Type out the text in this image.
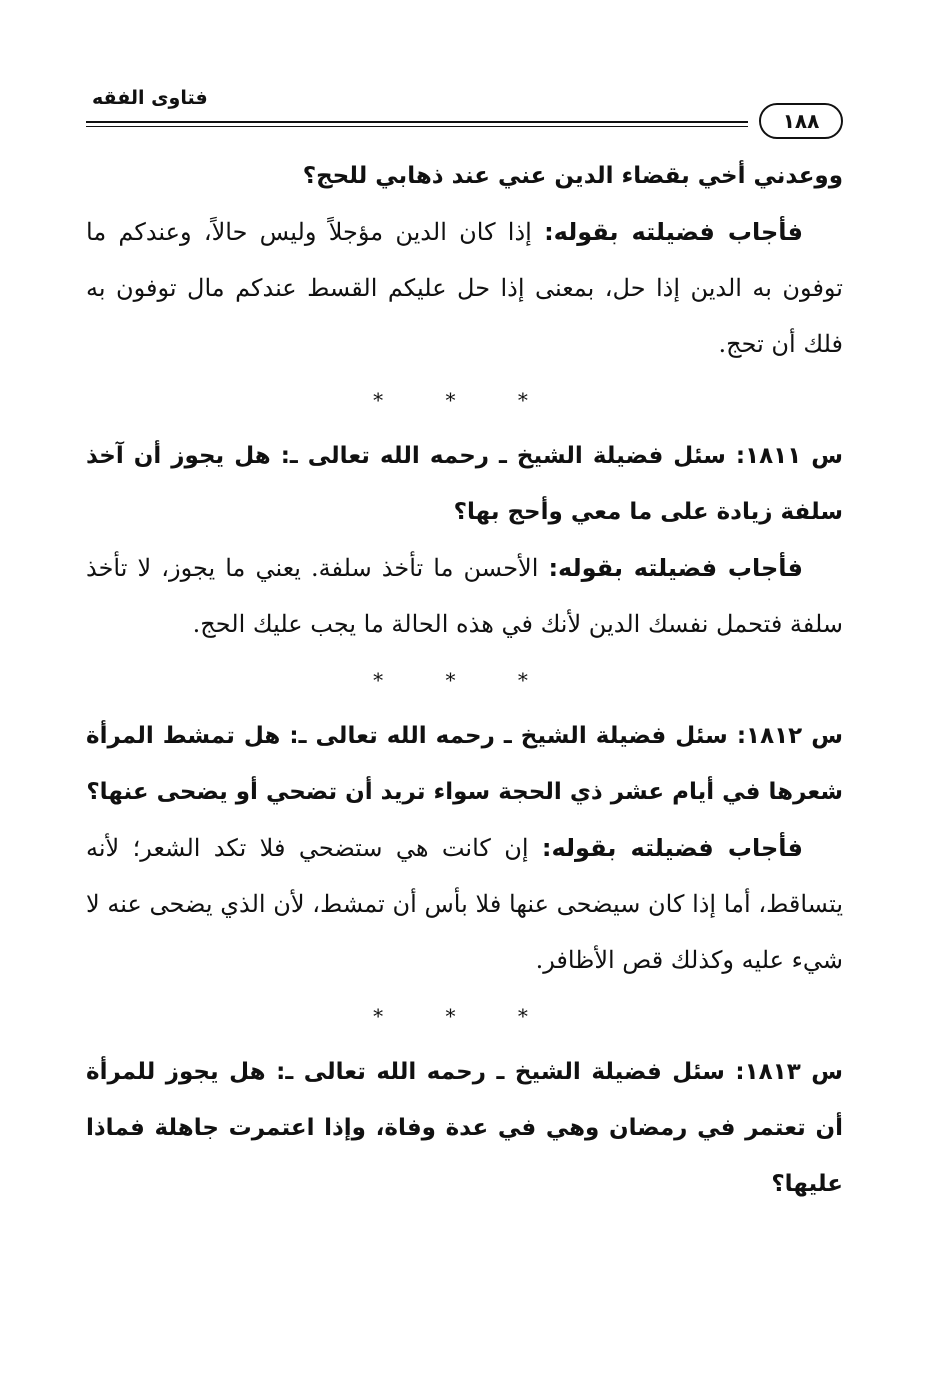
فتاوى الفقه
١٨٨

ووعدني أخي بقضاء الدين عني عند ذهابي للحج؟

فأجاب فضيلته بقوله: إذا كان الدين مؤجلاً وليس حالاً، وعندكم ما توفون به الدين إذا حل، بمعنى إذا حل عليكم القسط عندكم مال توفون به فلك أن تحج.

* * *

س ١٨١١: سئل فضيلة الشيخ ـ رحمه الله تعالى ـ: هل يجوز أن آخذ سلفة زيادة على ما معي وأحج بها؟

فأجاب فضيلته بقوله: الأحسن ما تأخذ سلفة. يعني ما يجوز، لا تأخذ سلفة فتحمل نفسك الدين لأنك في هذه الحالة ما يجب عليك الحج.

* * *

س ١٨١٢: سئل فضيلة الشيخ ـ رحمه الله تعالى ـ: هل تمشط المرأة شعرها في أيام عشر ذي الحجة سواء تريد أن تضحي أو يضحى عنها؟

فأجاب فضيلته بقوله: إن كانت هي ستضحي فلا تكد الشعر؛ لأنه يتساقط، أما إذا كان سيضحى عنها فلا بأس أن تمشط، لأن الذي يضحى عنه لا شيء عليه وكذلك قص الأظافر.

* * *

س ١٨١٣: سئل فضيلة الشيخ ـ رحمه الله تعالى ـ: هل يجوز للمرأة أن تعتمر في رمضان وهي في عدة وفاة، وإذا اعتمرت جاهلة فماذا عليها؟
